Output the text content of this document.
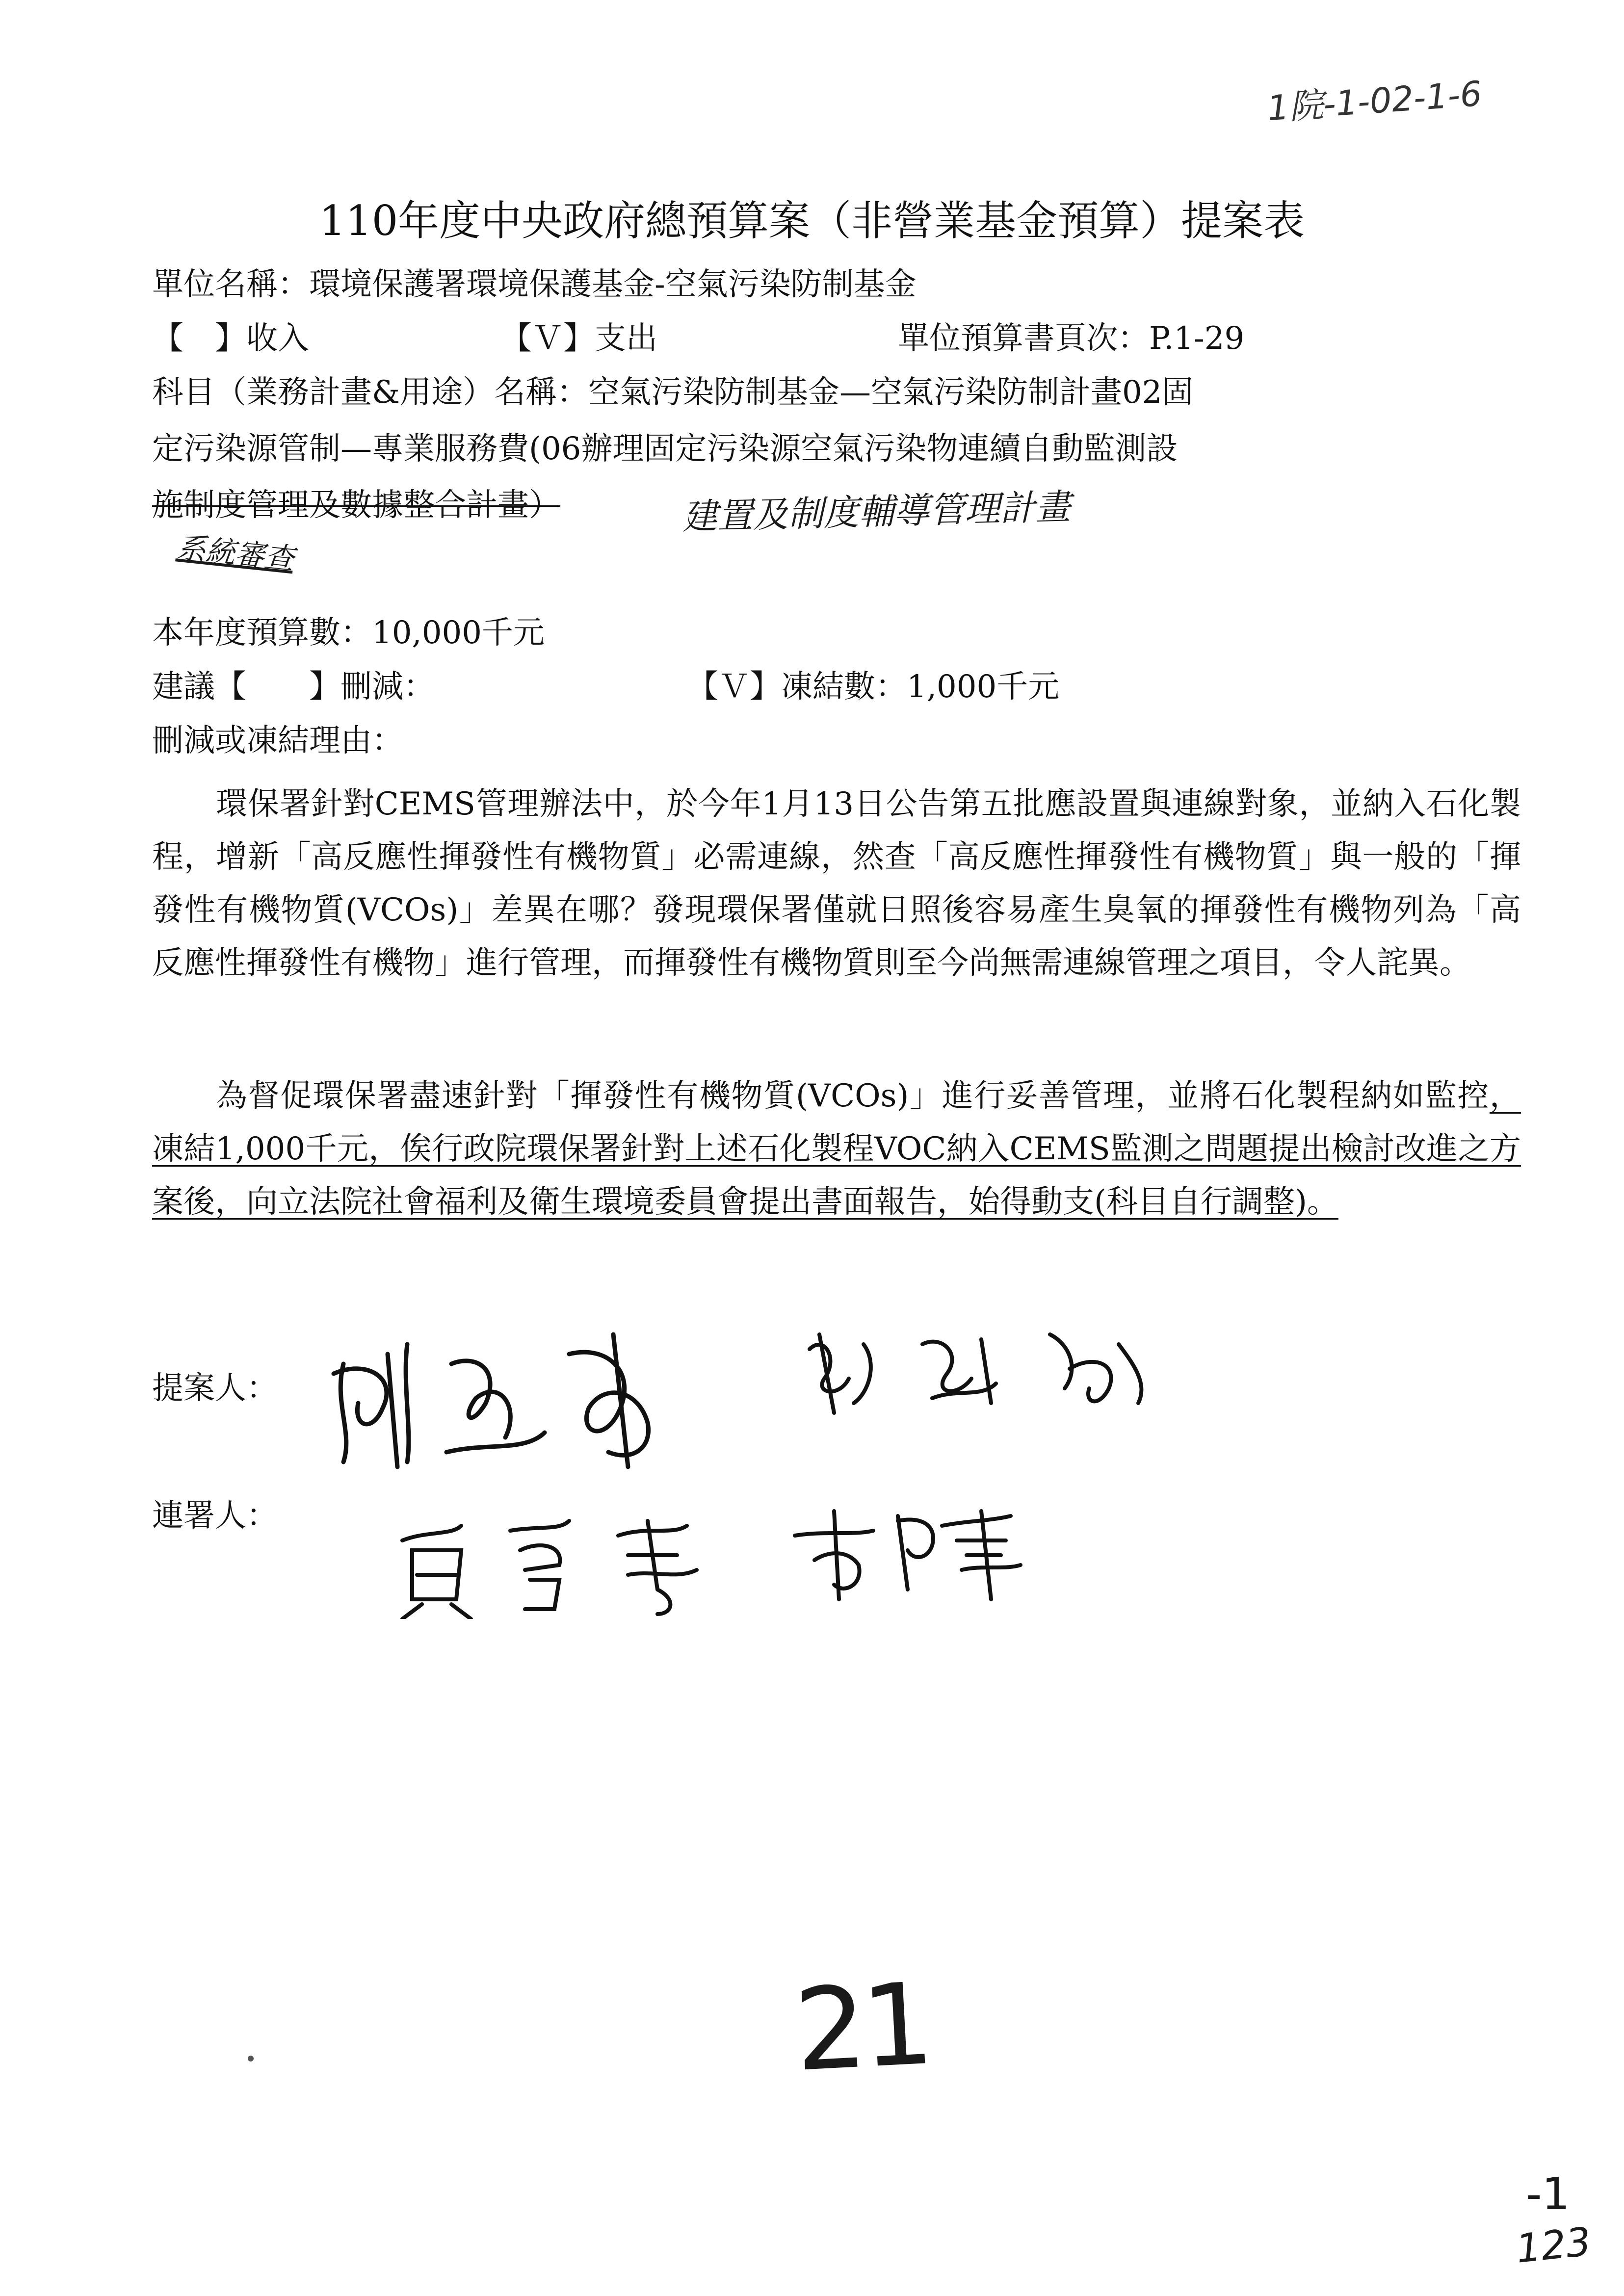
1院-1-02-1-6
110年度中央政府總預算案（非營業基金預算）提案表
單位名稱：環境保護署環境保護基金-空氣污染防制基金
【　】收入	【Ｖ】支出	單位預算書頁次：P.1-29
科目（業務計畫&用途）名稱：空氣污染防制基金—空氣污染防制計畫02固
定污染源管制—專業服務費(06辦理固定污染源空氣污染物連續自動監測設
施制度管理及數據整合計畫）	建置及制度輔導管理計畫
系統審查
本年度預算數：10,000千元
建議【　　】刪減：	【Ｖ】凍結數：1,000千元
刪減或凍結理由：
環保署針對CEMS管理辦法中，於今年1月13日公告第五批應設置與連線對象，並納入石化製程，增新「高反應性揮發性有機物質」必需連線，然查「高反應性揮發性有機物質」與一般的「揮發性有機物質(VCOs)」差異在哪？發現環保署僅就日照後容易產生臭氧的揮發性有機物列為「高反應性揮發性有機物」進行管理，而揮發性有機物質則至今尚無需連線管理之項目，令人詫異。
為督促環保署盡速針對「揮發性有機物質(VCOs)」進行妥善管理，並將石化製程納如監控，凍結1,000千元，俟行政院環保署針對上述石化製程VOC納入CEMS監測之問題提出檢討改進之方案後，向立法院社會福利及衛生環境委員會提出書面報告，始得動支(科目自行調整)。
提案人：
連署人：
21
-1
123
